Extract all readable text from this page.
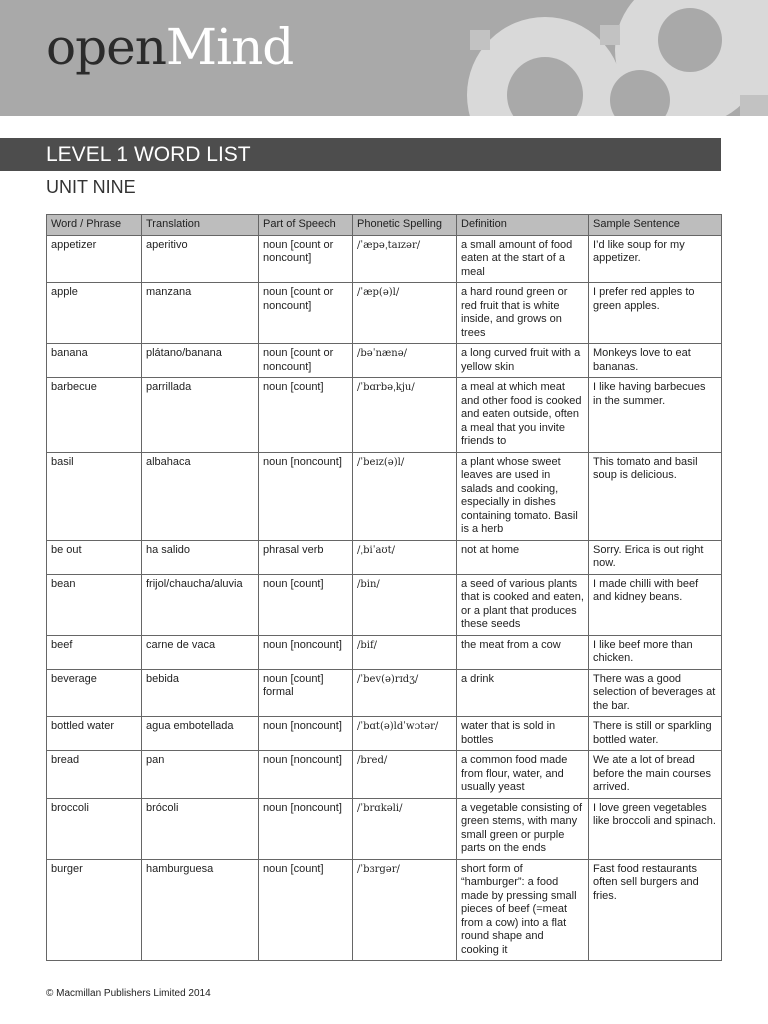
openMind
LEVEL 1 WORD LIST
UNIT NINE
Word / Phrase	Translation	Part of Speech	Phonetic Spelling	Definition	Sample Sentence
appetizer	aperitivo	noun [count or noncount]	/ˈæpəˌtaɪzər/	a small amount of food eaten at the start of a meal	I’d like soup for my appetizer.
apple	manzana	noun [count or noncount]	/ˈæp(ə)l/	a hard round green or red fruit that is white inside, and grows on trees	I prefer red apples to green apples.
banana	plátano/banana	noun [count or noncount]	/bəˈnænə/	a long curved fruit with a yellow skin	Monkeys love to eat bananas.
barbecue	parrillada	noun [count]	/ˈbɑrbəˌkju/	a meal at which meat and other food is cooked and eaten outside, often a meal that you invite friends to	I like having barbecues in the summer.
basil	albahaca	noun [noncount]	/ˈbeɪz(ə)l/	a plant whose sweet leaves are used in salads and cooking, especially in dishes containing tomato. Basil is a herb	This tomato and basil soup is delicious.
be out	ha salido	phrasal verb	/ˌbiˈaʊt/	not at home	Sorry. Erica is out right now.
bean	frijol/chaucha/aluvia	noun [count]	/bin/	a seed of various plants that is cooked and eaten, or a plant that produces these seeds	I made chilli with beef and kidney beans.
beef	carne de vaca	noun [noncount]	/bif/	the meat from a cow	I like beef more than chicken.
beverage	bebida	noun [count] formal	/ˈbev(ə)rɪdʒ/	a drink	There was a good selection of beverages at the bar.
bottled water	agua embotellada	noun [noncount]	/ˈbɑt(ə)ldˈwɔtər/	water that is sold in bottles	There is still or sparkling bottled water.
bread	pan	noun [noncount]	/bred/	a common food made from flour, water, and usually yeast	We ate a lot of bread before the main courses arrived.
broccoli	brócoli	noun [noncount]	/ˈbrɑkəli/	a vegetable consisting of green stems, with many small green or purple parts on the ends	I love green vegetables like broccoli and spinach.
burger	hamburguesa	noun [count]	/ˈbɜrgər/	short form of “hamburger”: a food made by pressing small pieces of beef (=meat from a cow) into a flat round shape and cooking it	Fast food restaurants often sell burgers and fries.
© Macmillan Publishers Limited 2014
